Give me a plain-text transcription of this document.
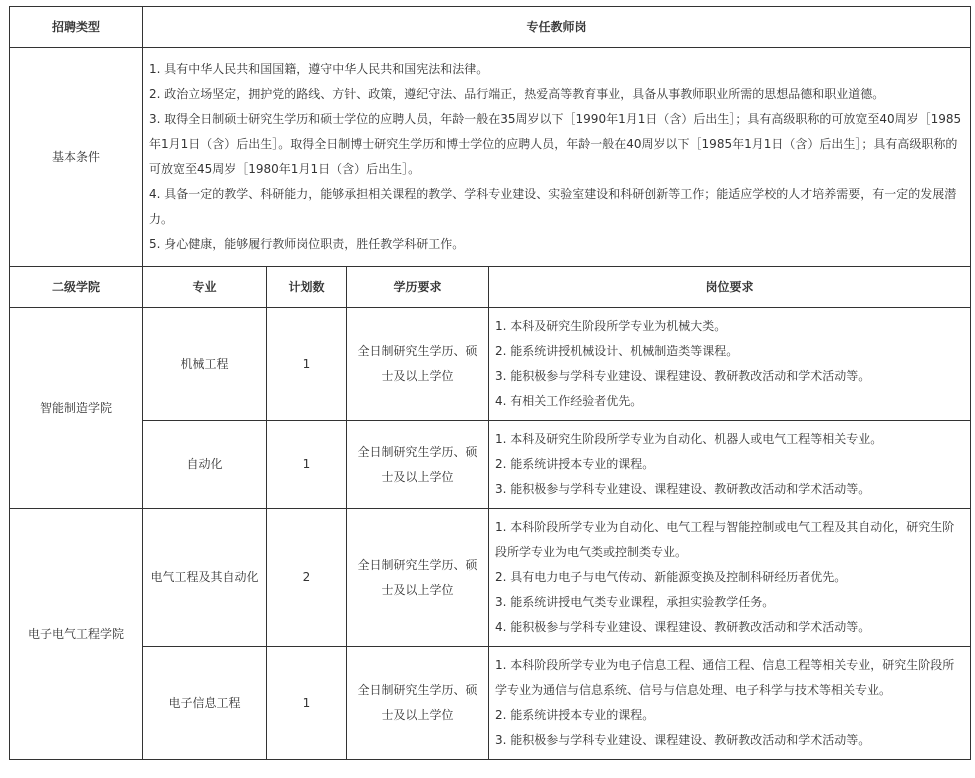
招聘类型	专任教师岗			
基本条件	1. 具有中华人民共和国国籍，遵守中华人民共和国宪法和法律。
2. 政治立场坚定，拥护党的路线、方针、政策，遵纪守法、品行端正，热爱高等教育事业，具备从事教师职业所需的思想品德和职业道德。
3. 取得全日制硕士研究生学历和硕士学位的应聘人员，年龄一般在35周岁以下［1990年1月1日（含）后出生］；具有高级职称的可放宽至40周岁［1985年1月1日（含）后出生］。取得全日制博士研究生学历和博士学位的应聘人员，年龄一般在40周岁以下［1985年1月1日（含）后出生］；具有高级职称的可放宽至45周岁［1980年1月1日（含）后出生］。
4. 具备一定的教学、科研能力，能够承担相关课程的教学、学科专业建设、实验室建设和科研创新等工作；能适应学校的人才培养需要，有一定的发展潜力。
5. 身心健康，能够履行教师岗位职责，胜任教学科研工作。			

二级学院	专业	计划数	学历要求	岗位要求
智能制造学院	机械工程	1	全日制研究生学历、硕士及以上学位	1. 本科及研究生阶段所学专业为机械大类。
2. 能系统讲授机械设计、机械制造类等课程。
3. 能积极参与学科专业建设、课程建设、教研教改活动和学术活动等。
4. 有相关工作经验者优先。

	自动化	1	全日制研究生学历、硕士及以上学位	1. 本科及研究生阶段所学专业为自动化、机器人或电气工程等相关专业。
2. 能系统讲授本专业的课程。
3. 能积极参与学科专业建设、课程建设、教研教改活动和学术活动等。

电子电气工程学院	电气工程及其自动化	2	全日制研究生学历、硕士及以上学位	1. 本科阶段所学专业为自动化、电气工程与智能控制或电气工程及其自动化，研究生阶段所学专业为电气类或控制类专业。
2. 具有电力电子与电气传动、新能源变换及控制科研经历者优先。
3. 能系统讲授电气类专业课程，承担实验教学任务。
4. 能积极参与学科专业建设、课程建设、教研教改活动和学术活动等。

	电子信息工程	1	全日制研究生学历、硕士及以上学位	1. 本科阶段所学专业为电子信息工程、通信工程、信息工程等相关专业，研究生阶段所学专业为通信与信息系统、信号与信息处理、电子科学与技术等相关专业。
2. 能系统讲授本专业的课程。
3. 能积极参与学科专业建设、课程建设、教研教改活动和学术活动等。
